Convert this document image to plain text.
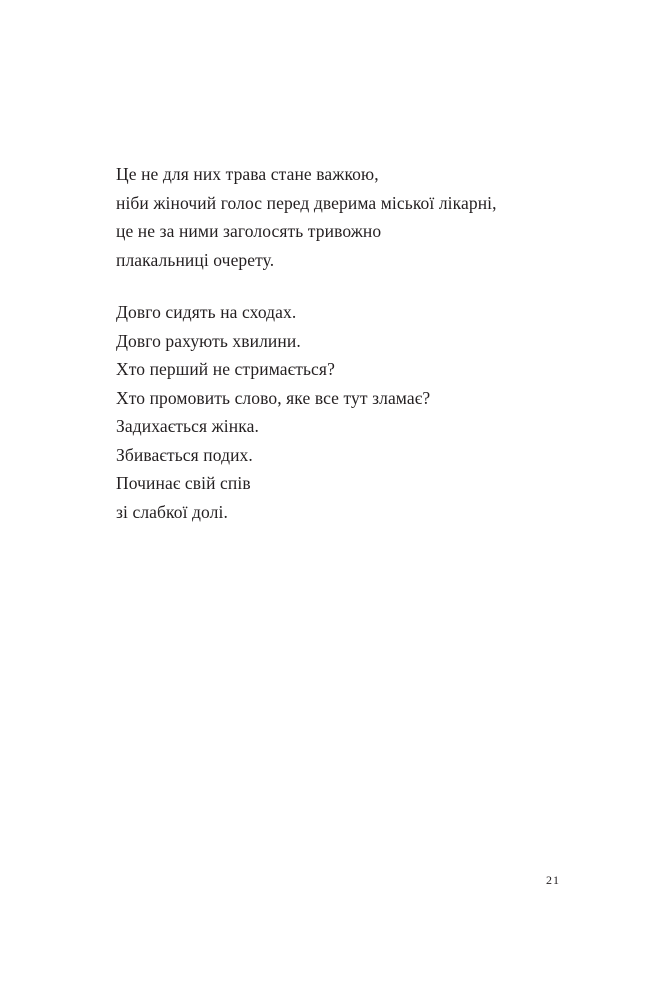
Це не для них трава стане важкою,
ніби жіночий голос перед дверима міської лікарні,
це не за ними заголосять тривожно
плакальниці очерету.

Довго сидять на сходах.
Довго рахують хвилини.
Хто перший не стримається?
Хто промовить слово, яке все тут зламає?
Задихається жінка.
Збивається подих.
Починає свій спів
зі слабкої долі.

21
